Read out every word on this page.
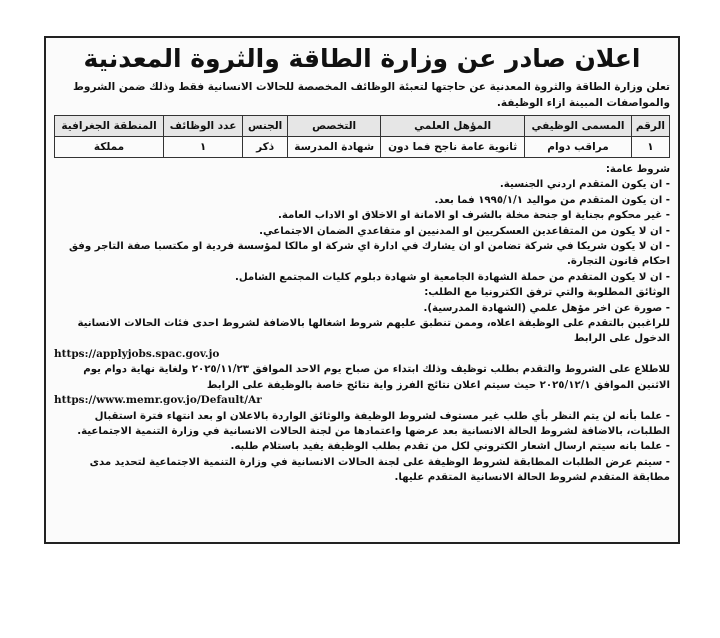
اعلان صادر عن وزارة الطاقة والثروة المعدنية
تعلن وزارة الطاقة والثروة المعدنية عن حاجتها لتعبئة الوظائف المخصصة للحالات الانسانية فقط وذلك ضمن الشروط والمواصفات المبينة ازاء الوظيفة.
الرقم	المسمى الوظيفي	المؤهل العلمي	التخصص	الجنس	عدد الوظائف	المنطقة الجغرافية
١	مراقب دوام	ثانوية عامة ناجح فما دون	شهادة المدرسة	ذكر	١	مملكة
شروط عامة:
- ان يكون المتقدم اردني الجنسية.
- ان يكون المتقدم من مواليد ١٩٩٥/١/١ فما بعد.
- غير محكوم بجناية او جنحة مخلة بالشرف او الامانة او الاخلاق او الاداب العامة.
- ان لا يكون من المتقاعدين العسكريين او المدنيين او متقاعدي الضمان الاجتماعي.
- ان لا يكون شريكا في شركة تضامن او ان يشارك في ادارة اي شركة او مالكا لمؤسسة فردية او مكتسبا صفة التاجر وفق احكام قانون التجارة.
- ان لا يكون المتقدم من حملة الشهادة الجامعية او شهادة دبلوم كليات المجتمع الشامل.
الوثائق المطلوبة والتي ترفق الكترونيا مع الطلب:
- صورة عن اخر مؤهل علمي (الشهادة المدرسية).
للراغبين بالتقدم على الوظيفة اعلاه، وممن تنطبق عليهم شروط اشغالها بالاضافة لشروط احدى فئات الحالات الانسانية الدخول على الرابط
https://applyjobs.spac.gov.jo
للاطلاع على الشروط والتقدم بطلب توظيف وذلك ابتداء من صباح يوم الاحد الموافق ٢٠٢٥/١١/٢٣ ولغاية نهاية دوام يوم الاثنين الموافق ٢٠٢٥/١٢/١ حيث سيتم اعلان نتائج الفرز واية نتائج خاصة بالوظيفة على الرابط
https://www.memr.gov.jo/Default/Ar
- علما بأنه لن يتم النظر بأي طلب غير مستوف لشروط الوظيفة والوثائق الواردة بالاعلان او بعد انتهاء فترة استقبال الطلبات، بالاضافة لشروط الحالة الانسانية بعد عرضها واعتمادها من لجنة الحالات الانسانية في وزارة التنمية الاجتماعية.
- علما بانه سيتم ارسال اشعار الكتروني لكل من تقدم بطلب الوظيفة يفيد باستلام طلبه.
- سيتم عرض الطلبات المطابقة لشروط الوظيفة على لجنة الحالات الانسانية في وزارة التنمية الاجتماعية لتحديد مدى مطابقة المتقدم لشروط الحالة الانسانية المتقدم عليها.
